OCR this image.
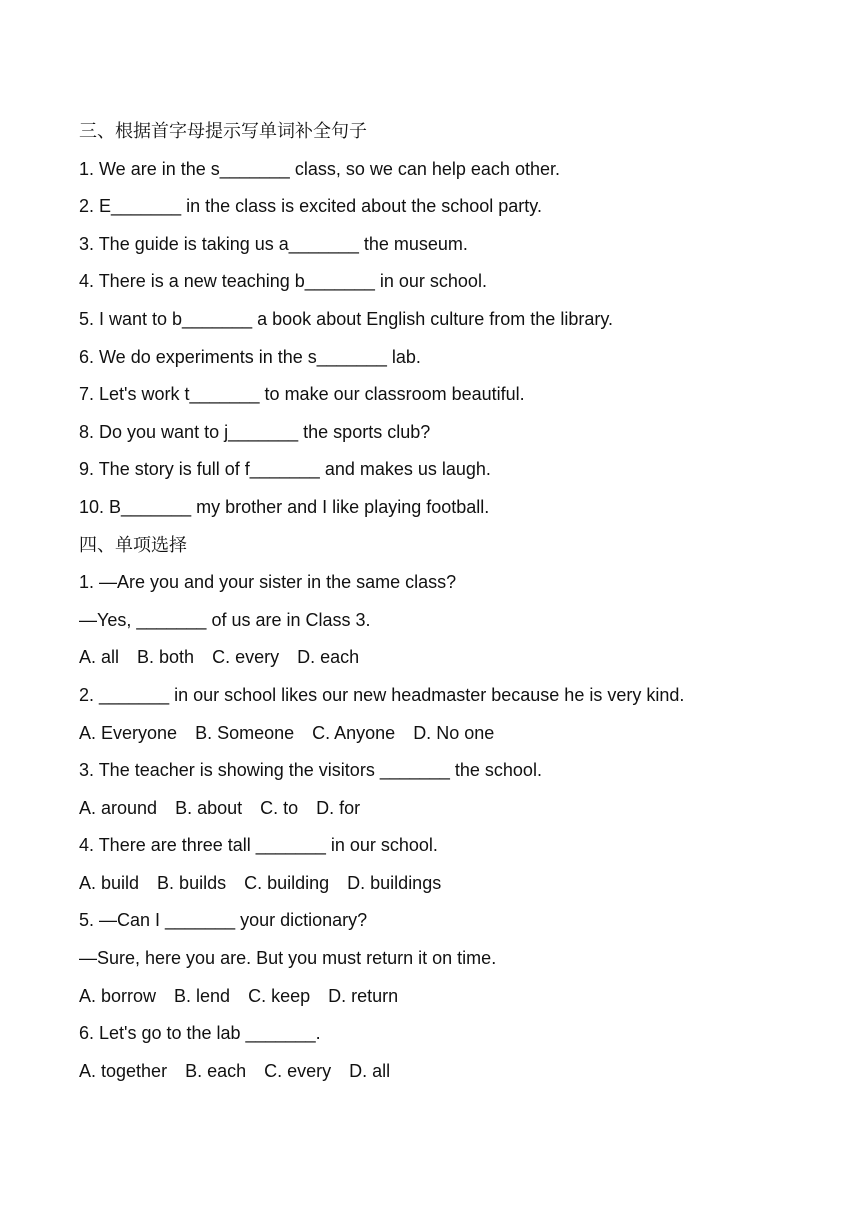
三、根据首字母提示写单词补全句子
1. We are in the s_______ class, so we can help each other.
2. E_______ in the class is excited about the school party.
3. The guide is taking us a_______ the museum.
4. There is a new teaching b_______ in our school.
5. I want to b_______ a book about English culture from the library.
6. We do experiments in the s_______ lab.
7. Let's work t_______ to make our classroom beautiful.
8. Do you want to j_______ the sports club?
9. The story is full of f_______ and makes us laugh.
10. B_______ my brother and I like playing football.
四、单项选择
1. —Are you and your sister in the same class?
—Yes, _______ of us are in Class 3.
A. all B. both C. every D. each
2. _______ in our school likes our new headmaster because he is very kind.
A. Everyone B. Someone C. Anyone D. No one
3. The teacher is showing the visitors _______ the school.
A. around B. about C. to D. for
4. There are three tall _______ in our school.
A. build B. builds C. building D. buildings
5. —Can I _______ your dictionary?
—Sure, here you are. But you must return it on time.
A. borrow B. lend C. keep D. return
6. Let's go to the lab _______.
A. together B. each C. every D. all
